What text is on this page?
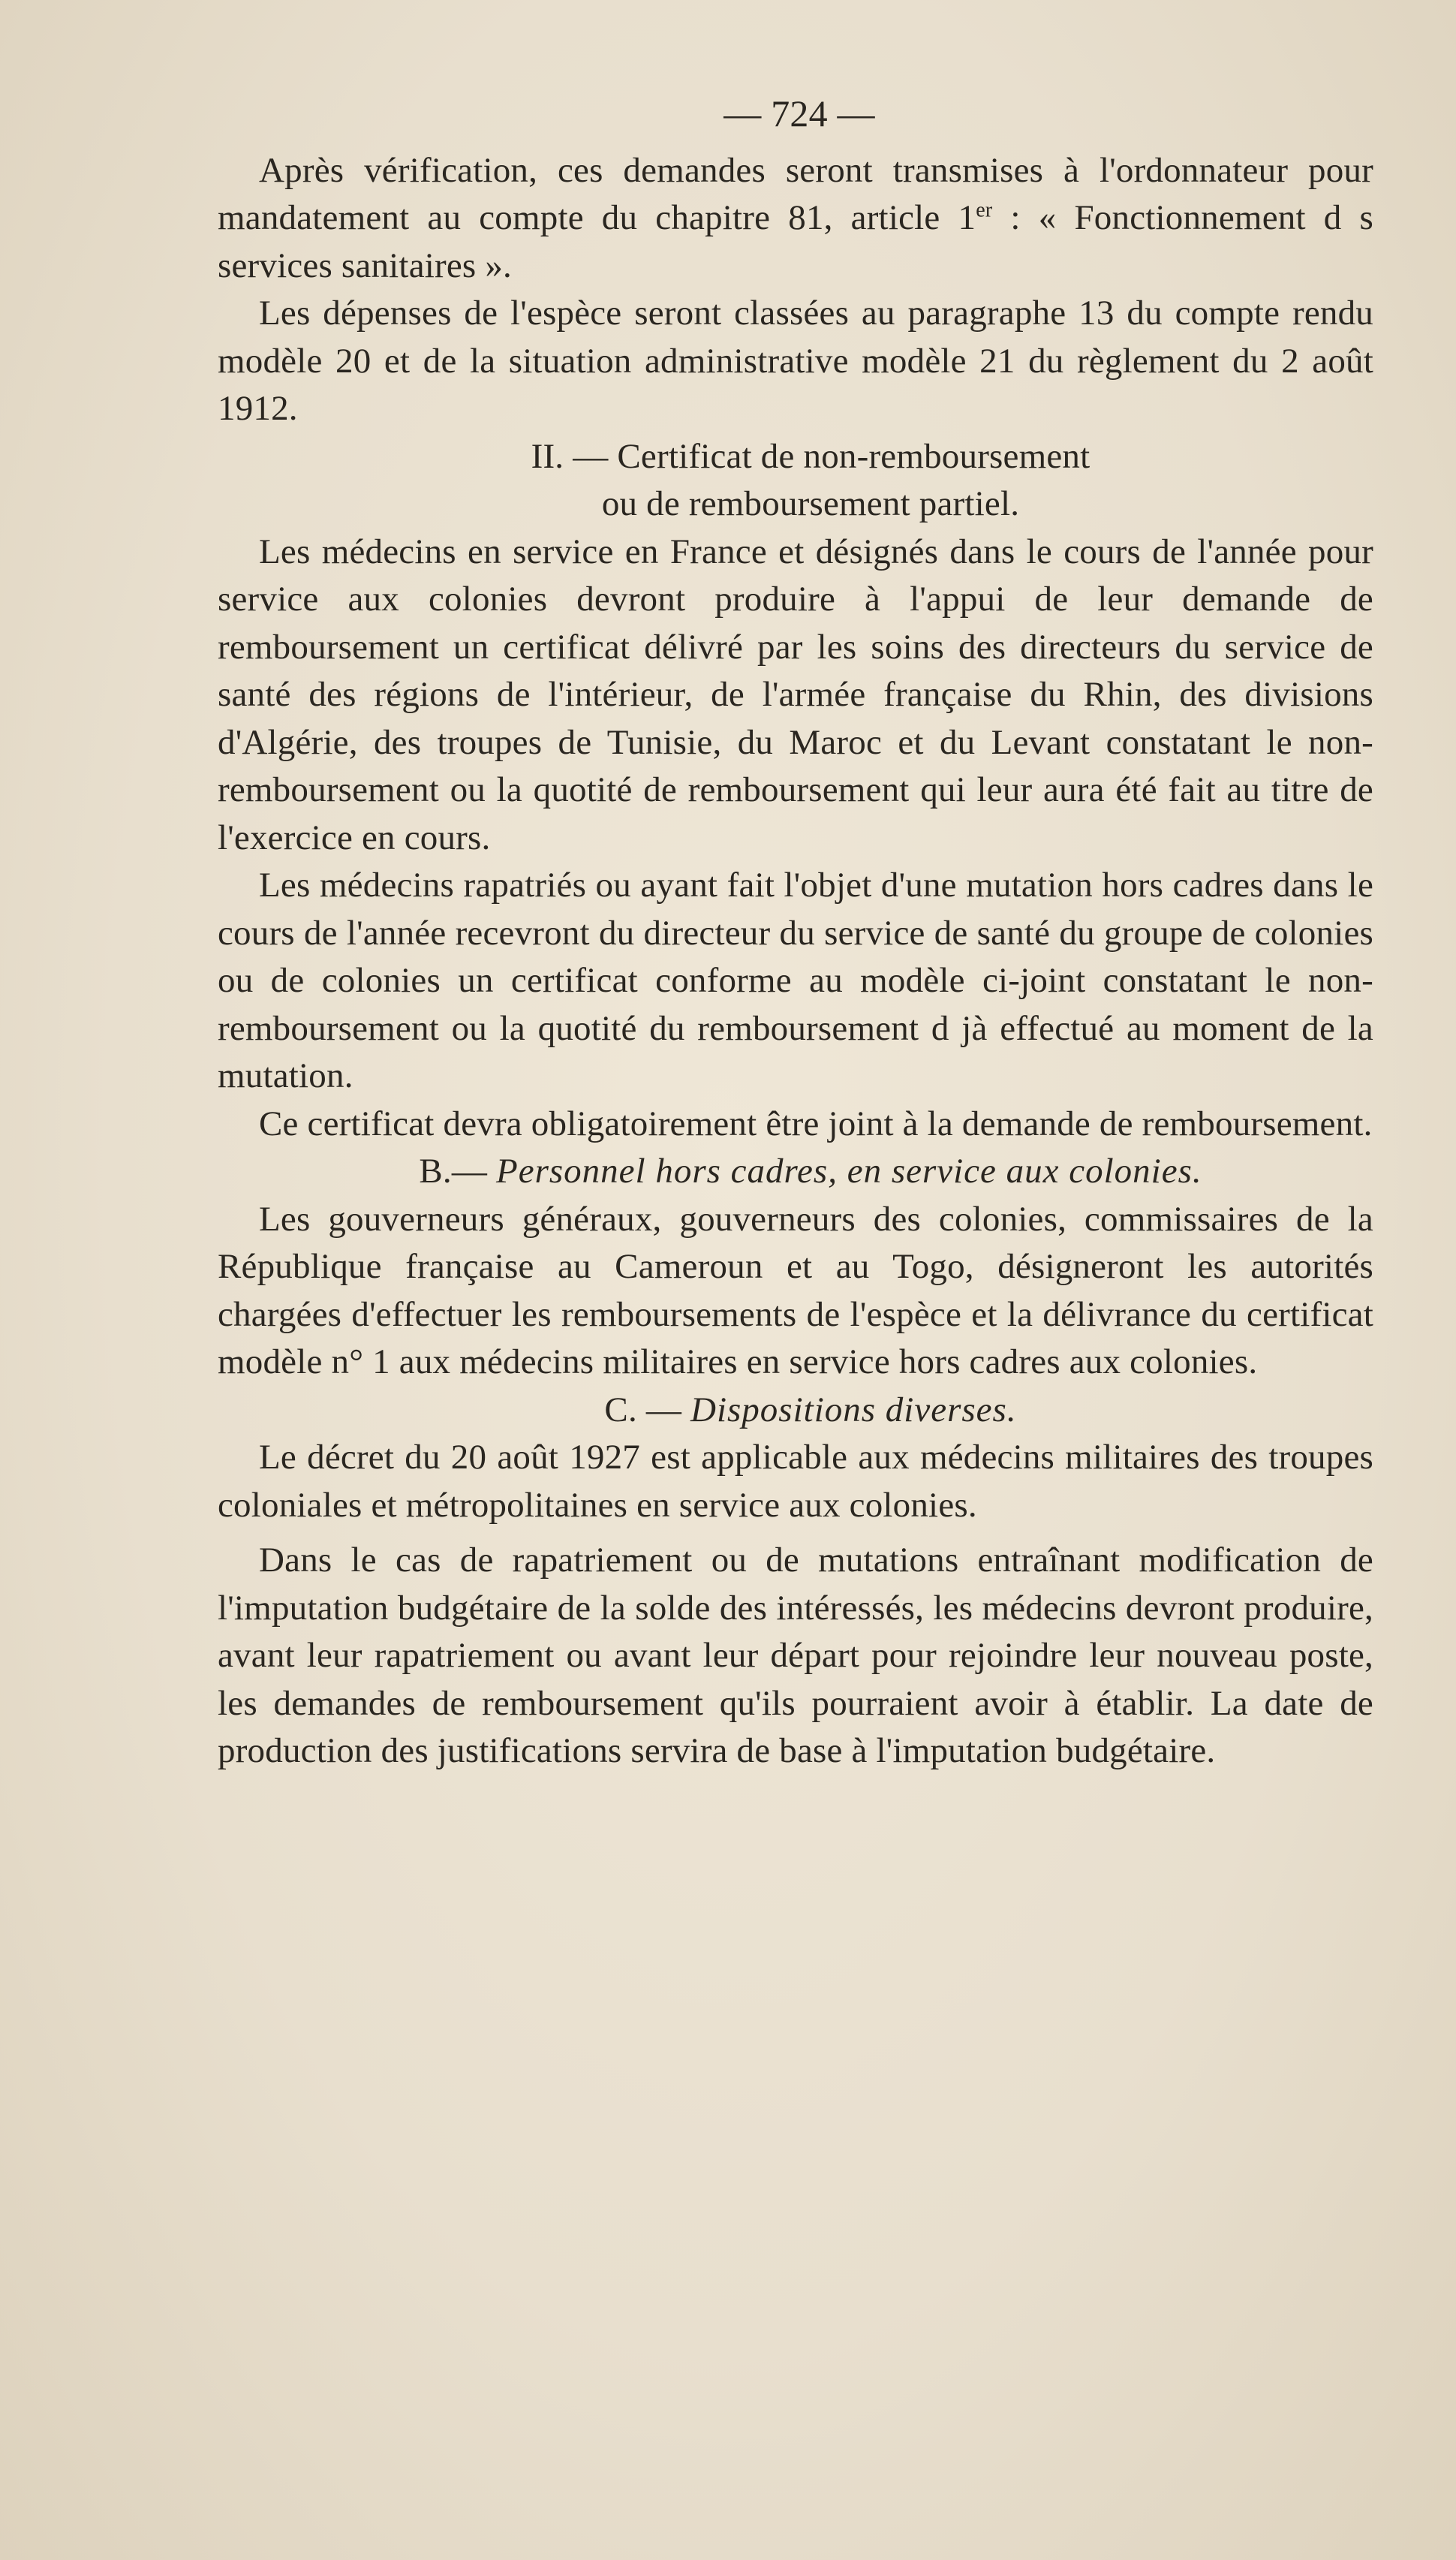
— 724 —

Après vérification, ces demandes seront transmises à l'ordonnateur pour mandatement au compte du chapitre 81, article 1er : « Fonctionnement d s services sanitaires ».

Les dépenses de l'espèce seront classées au paragraphe 13 du compte rendu modèle 20 et de la situation administrative modèle 21 du règlement du 2 août 1912.

II. — Certificat de non-remboursement

ou de remboursement partiel.

Les médecins en service en France et désignés dans le cours de l'année pour service aux colonies devront produire à l'appui de leur demande de remboursement un certificat délivré par les soins des directeurs du service de santé des régions de l'intérieur, de l'armée française du Rhin, des divisions d'Algérie, des troupes de Tunisie, du Maroc et du Levant constatant le non-remboursement ou la quotité de remboursement qui leur aura été fait au titre de l'exercice en cours.

Les médecins rapatriés ou ayant fait l'objet d'une mutation hors cadres dans le cours de l'année recevront du directeur du service de santé du groupe de colonies ou de colonies un certificat conforme au modèle ci-joint constatant le non-remboursement ou la quotité du remboursement d jà effectué au moment de la mutation.

Ce certificat devra obligatoirement être joint à la demande de remboursement.

B.— Personnel hors cadres, en service aux colonies.

Les gouverneurs généraux, gouverneurs des colonies, commissaires de la République française au Cameroun et au Togo, désigneront les autorités chargées d'effectuer les remboursements de l'espèce et la délivrance du certificat modèle n° 1 aux médecins militaires en service hors cadres aux colonies.

C. — Dispositions diverses.

Le décret du 20 août 1927 est applicable aux médecins militaires des troupes coloniales et métropolitaines en service aux colonies.

Dans le cas de rapatriement ou de mutations entraînant modification de l'imputation budgétaire de la solde des intéressés, les médecins devront produire, avant leur rapatriement ou avant leur départ pour rejoindre leur nouveau poste, les demandes de remboursement qu'ils pourraient avoir à établir. La date de production des justifications servira de base à l'imputation budgétaire.
